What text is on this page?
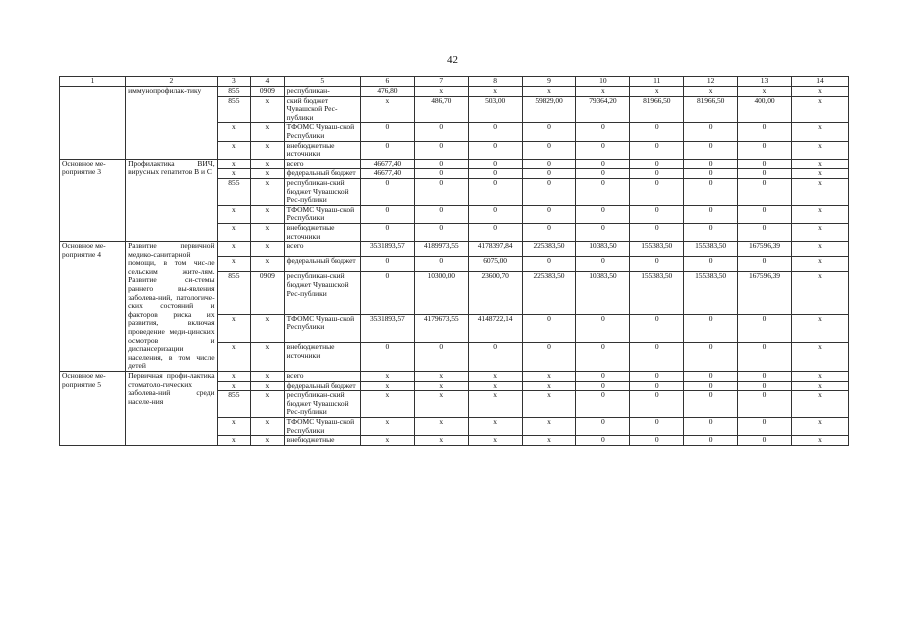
42
1	2	3	4	5	6	7	8	9	10	11	12	13	14
	иммунопрофилак-тику	855	0909	республикан-	476,80	х	х	х	х	х	х	х	х
		855	х	ский бюджет Чувашской Рес-публики	х	486,70	503,00	59829,00	79364,20	81966,50	81966,50	400,00	х
		х	х	ТФОМС Чуваш-ской Республики	0	0	0	0	0	0	0	0	х
		х	х	внебюджетные источники	0	0	0	0	0	0	0	0	х
Основное ме-роприятие 3	Профилактика ВИЧ, вирусных гепатитов В и С	х	х	всего	46677,40	0	0	0	0	0	0	0	х
		х	х	федеральный бюджет	46677,40	0	0	0	0	0	0	0	х
		855	х	республикан-ский бюджет Чувашской Рес-публики	0	0	0	0	0	0	0	0	х
		х	х	ТФОМС Чуваш-ской Республики	0	0	0	0	0	0	0	0	х
		х	х	внебюджетные источники	0	0	0	0	0	0	0	0	х
Основное ме-роприятие 4	Развитие первичной медико-санитарной помощи, в том чис-ле сельским жите-лям. Развитие си-стемы раннего вы-явления заболева-ний, патологиче-ских состояний и факторов риска их развития, включая проведение меди-цинских осмотров и диспансеризации населения, в том числе детей	х	х	всего	3531893,57	4189973,55	4178397,84	225383,50	10383,50	155383,50	155383,50	167596,39	х
		х	х	федеральный бюджет	0	0	6075,00	0	0	0	0	0	х
		855	0909	республикан-ский бюджет Чувашской Рес-публики	0	10300,00	23600,70	225383,50	10383,50	155383,50	155383,50	167596,39	х
		х	х	ТФОМС Чуваш-ской Республики	3531893,57	4179673,55	4148722,14	0	0	0	0	0	х
		х	х	внебюджетные источники	0	0	0	0	0	0	0	0	х
Основное ме-роприятие 5	Первичная профи-лактика стоматоло-гических заболева-ний среди населе-ния	х	х	всего	х	х	х	х	0	0	0	0	х
		х	х	федеральный бюджет	х	х	х	х	0	0	0	0	х
		855	х	республикан-ский бюджет Чувашской Рес-публики	х	х	х	х	0	0	0	0	х
		х	х	ТФОМС Чуваш-ской Республики	х	х	х	х	0	0	0	0	х
		х	х	внебюджетные	х	х	х	х	0	0	0	0	х
